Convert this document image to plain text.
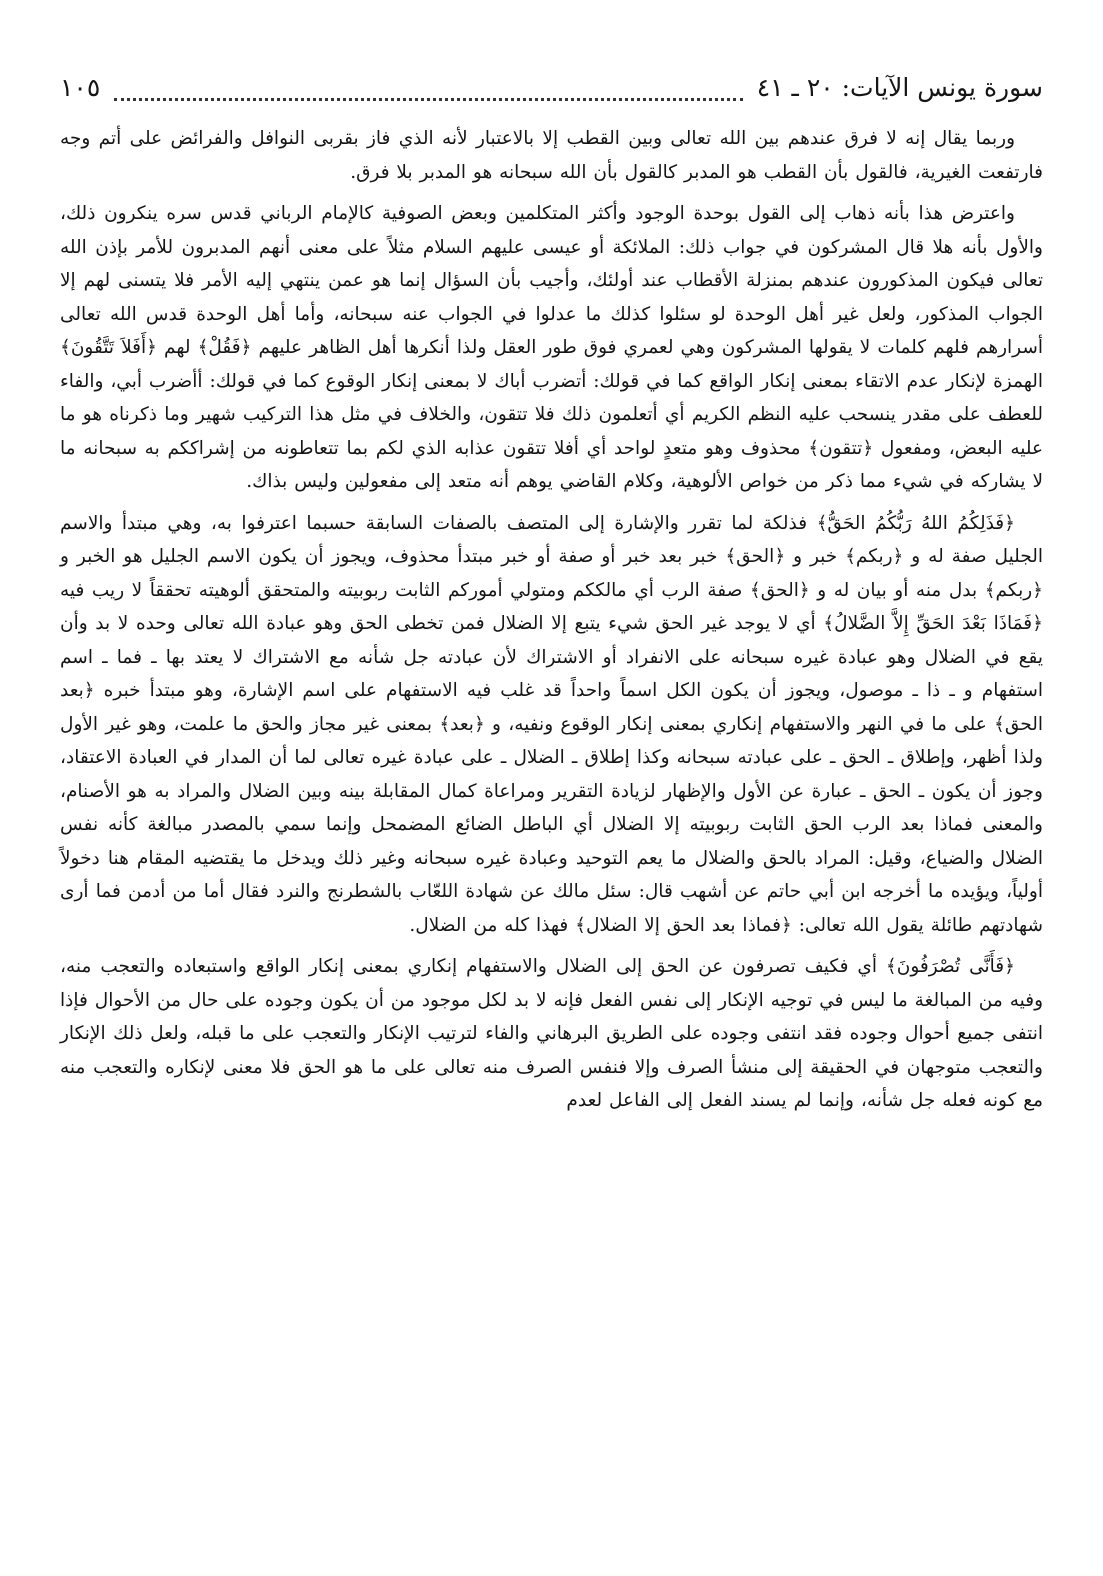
سورة يونس الآيات: ٢٠ ـ ٤١
١٠٥

وربما يقال إنه لا فرق عندهم بين الله تعالى وبين القطب إلا بالاعتبار لأنه الذي فاز بقربى النوافل والفرائض على أتم وجه فارتفعت الغيرية، فالقول بأن القطب هو المدبر كالقول بأن الله سبحانه هو المدبر بلا فرق.

واعترض هذا بأنه ذهاب إلى القول بوحدة الوجود وأكثر المتكلمين وبعض الصوفية كالإمام الرباني قدس سره ينكرون ذلك، والأول بأنه هلا قال المشركون في جواب ذلك: الملائكة أو عيسى عليهم السلام مثلاً على معنى أنهم المدبرون للأمر بإذن الله تعالى فيكون المذكورون عندهم بمنزلة الأقطاب عند أولئك، وأجيب بأن السؤال إنما هو عمن ينتهي إليه الأمر فلا يتسنى لهم إلا الجواب المذكور، ولعل غير أهل الوحدة لو سئلوا كذلك ما عدلوا في الجواب عنه سبحانه، وأما أهل الوحدة قدس الله تعالى أسرارهم فلهم كلمات لا يقولها المشركون وهي لعمري فوق طور العقل ولذا أنكرها أهل الظاهر عليهم ﴿فَقُلْ﴾ لهم ﴿أَفَلاَ تَتَّقُونَ﴾ الهمزة لإنكار عدم الاتقاء بمعنى إنكار الواقع كما في قولك: أتضرب أباك لا بمعنى إنكار الوقوع كما في قولك: أأضرب أبي، والفاء للعطف على مقدر ينسحب عليه النظم الكريم أي أتعلمون ذلك فلا تتقون، والخلاف في مثل هذا التركيب شهير وما ذكرناه هو ما عليه البعض، ومفعول ﴿تتقون﴾ محذوف وهو متعدٍ لواحد أي أفلا تتقون عذابه الذي لكم بما تتعاطونه من إشراككم به سبحانه ما لا يشاركه في شيء مما ذكر من خواص الألوهية، وكلام القاضي يوهم أنه متعد إلى مفعولين وليس بذاك.

﴿فَذَلِكُمُ اللهُ رَبُّكُمُ الحَقُّ﴾ فذلكة لما تقرر والإشارة إلى المتصف بالصفات السابقة حسبما اعترفوا به، وهي مبتدأ والاسم الجليل صفة له و ﴿ربكم﴾ خبر و ﴿الحق﴾ خبر بعد خبر أو صفة أو خبر مبتدأ محذوف، ويجوز أن يكون الاسم الجليل هو الخبر و ﴿ربكم﴾ بدل منه أو بيان له و ﴿الحق﴾ صفة الرب أي مالككم ومتولي أموركم الثابت ربوبيته والمتحقق ألوهيته تحققاً لا ريب فيه ﴿فَمَاذَا بَعْدَ الحَقِّ إِلاَّ الضَّلالُ﴾ أي لا يوجد غير الحق شيء يتبع إلا الضلال فمن تخطى الحق وهو عبادة الله تعالى وحده لا بد وأن يقع في الضلال وهو عبادة غيره سبحانه على الانفراد أو الاشتراك لأن عبادته جل شأنه مع الاشتراك لا يعتد بها ـ فما ـ اسم استفهام و ـ ذا ـ موصول، ويجوز أن يكون الكل اسماً واحداً قد غلب فيه الاستفهام على اسم الإشارة، وهو مبتدأ خبره ﴿بعد الحق﴾ على ما في النهر والاستفهام إنكاري بمعنى إنكار الوقوع ونفيه، و ﴿بعد﴾ بمعنى غير مجاز والحق ما علمت، وهو غير الأول ولذا أظهر، وإطلاق ـ الحق ـ على عبادته سبحانه وكذا إطلاق ـ الضلال ـ على عبادة غيره تعالى لما أن المدار في العبادة الاعتقاد، وجوز أن يكون ـ الحق ـ عبارة عن الأول والإظهار لزيادة التقرير ومراعاة كمال المقابلة بينه وبين الضلال والمراد به هو الأصنام، والمعنى فماذا بعد الرب الحق الثابت ربوبيته إلا الضلال أي الباطل الضائع المضمحل وإنما سمي بالمصدر مبالغة كأنه نفس الضلال والضياع، وقيل: المراد بالحق والضلال ما يعم التوحيد وعبادة غيره سبحانه وغير ذلك ويدخل ما يقتضيه المقام هنا دخولاً أولياً، ويؤيده ما أخرجه ابن أبي حاتم عن أشهب قال: سئل مالك عن شهادة اللعّاب بالشطرنج والنرد فقال أما من أدمن فما أرى شهادتهم طائلة يقول الله تعالى: ﴿فماذا بعد الحق إلا الضلال﴾ فهذا كله من الضلال.

﴿فَأَنَّى تُصْرَفُونَ﴾ أي فكيف تصرفون عن الحق إلى الضلال والاستفهام إنكاري بمعنى إنكار الواقع واستبعاده والتعجب منه، وفيه من المبالغة ما ليس في توجيه الإنكار إلى نفس الفعل فإنه لا بد لكل موجود من أن يكون وجوده على حال من الأحوال فإذا انتفى جميع أحوال وجوده فقد انتفى وجوده على الطريق البرهاني والفاء لترتيب الإنكار والتعجب على ما قبله، ولعل ذلك الإنكار والتعجب متوجهان في الحقيقة إلى منشأ الصرف وإلا فنفس الصرف منه تعالى على ما هو الحق فلا معنى لإنكاره والتعجب منه مع كونه فعله جل شأنه، وإنما لم يسند الفعل إلى الفاعل لعدم
